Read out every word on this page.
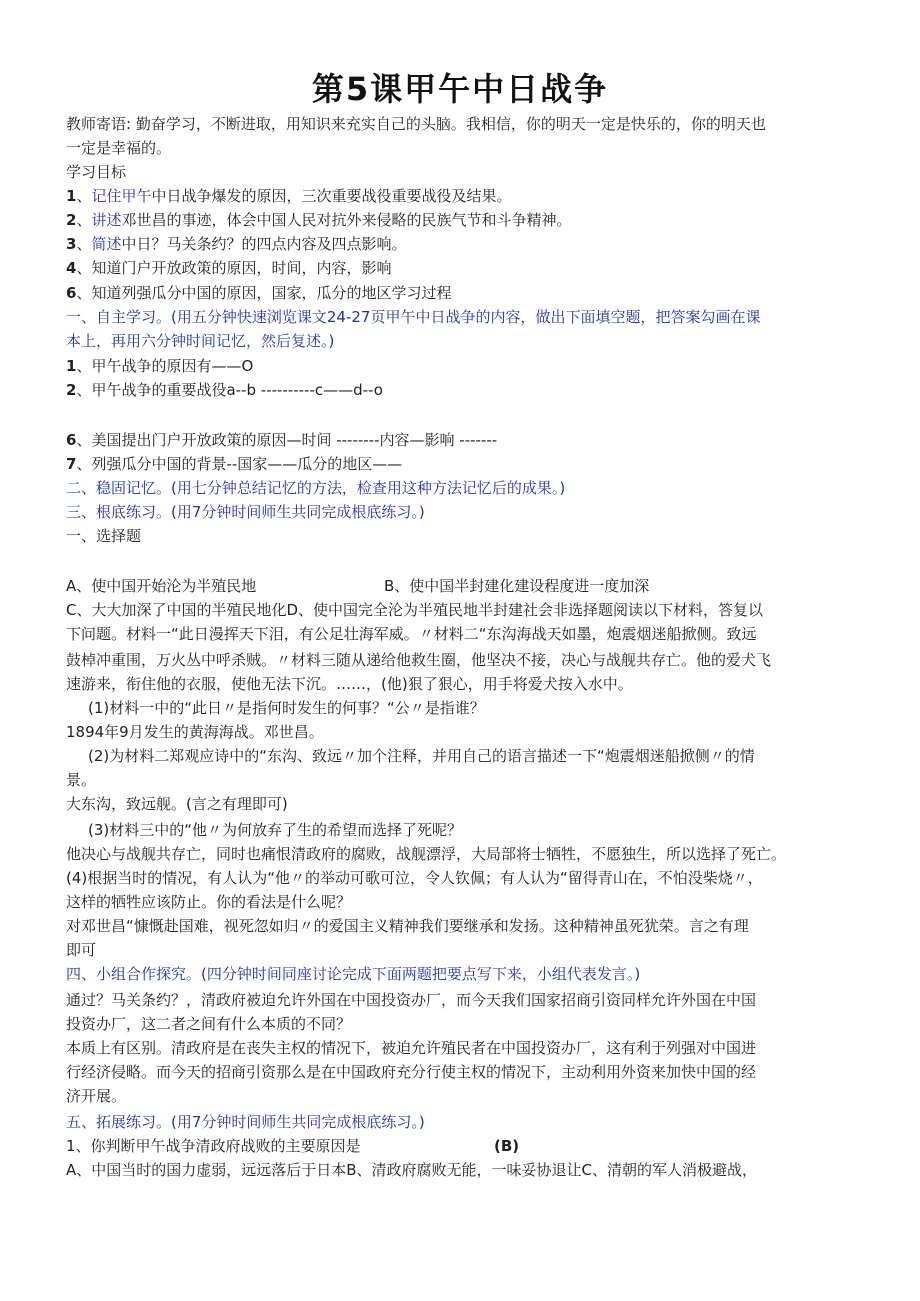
第5课甲午中日战争
教师寄语: 勤奋学习，不断进取，用知识来充实自己的头脑。我相信，你的明天一定是快乐的，你的明天也
一定是幸福的。
学习目标
1、记住甲午中日战争爆发的原因，三次重要战役重要战役及结果。
2、讲述邓世昌的事迹，体会中国人民对抗外来侵略的民族气节和斗争精神。
3、简述中日？马关条约？的四点内容及四点影响。
4、知道门户开放政策的原因，时间，内容，影响
6、知道列强瓜分中国的原因，国家，瓜分的地区学习过程
一、自主学习。(用五分钟快速浏览课文24-27页甲午中日战争的内容，做出下面填空题，把答案勾画在课
本上，再用六分钟时间记忆，然后复述。)
1、甲午战争的原因有——O
2、甲午战争的重要战役a--b ----------c——d--o
6、美国提出门户开放政策的原因—时间 --------内容—影响 -------
7、列强瓜分中国的背景--国家——瓜分的地区——
二、稳固记忆。(用七分钟总结记忆的方法，检查用这种方法记忆后的成果。)
三、根底练习。(用7分钟时间师生共同完成根底练习。)
一、选择题
A、使中国开始沦为半殖民地	B、使中国半封建化建设程度进一度加深
C、大大加深了中国的半殖民地化D、使中国完全沦为半殖民地半封建社会非选择题阅读以下材料，答复以
下问题。材料一“此日漫挥天下泪，有公足壮海军威。〃材料二“东沟海战天如墨，炮震烟迷船掀侧。致远
鼓棹冲重围，万火丛中呼杀贼。〃材料三随从递给他救生圈，他坚决不接，决心与战舰共存亡。他的爱犬飞
速游来，衔住他的衣服，使他无法下沉。……，(他)狠了狠心，用手将爱犬按入水中。
(1)材料一中的“此日〃是指何时发生的何事？“公〃是指谁？
1894年9月发生的黄海海战。邓世昌。
(2)为材料二郑观应诗中的“东沟、致远〃加个注释，并用自己的语言描述一下“炮震烟迷船掀侧〃的情
景。
大东沟，致远舰。(言之有理即可)
(3)材料三中的“他〃为何放弃了生的希望而选择了死呢？
他决心与战舰共存亡，同时也痛恨清政府的腐败，战舰漂浮，大局部将士牺牲，不愿独生，所以选择了死亡。
(4)根据当时的情况，有人认为“他〃的举动可歌可泣，令人钦佩；有人认为“留得青山在，不怕没柴烧〃，
这样的牺牲应该防止。你的看法是什么呢？
对邓世昌“慷慨赴国难，视死忽如归〃的爱国主义精神我们要继承和发扬。这种精神虽死犹荣。言之有理
即可
四、小组合作探究。(四分钟时间同座讨论完成下面两题把要点写下来，小组代表发言。)
通过？马关条约？，清政府被迫允许外国在中国投资办厂，而今天我们国家招商引资同样允许外国在中国
投资办厂，这二者之间有什么本质的不同？
本质上有区别。清政府是在丧失主权的情况下，被迫允许殖民者在中国投资办厂，这有利于列强对中国进
行经济侵略。而今天的招商引资那么是在中国政府充分行使主权的情况下，主动利用外资来加快中国的经
济开展。
五、拓展练习。(用7分钟时间师生共同完成根底练习。)
1、你判断甲午战争清政府战败的主要原因是	(B)
A、中国当时的国力虚弱，远远落后于日本B、清政府腐败无能，一味妥协退让C、清朝的军人消极避战，
